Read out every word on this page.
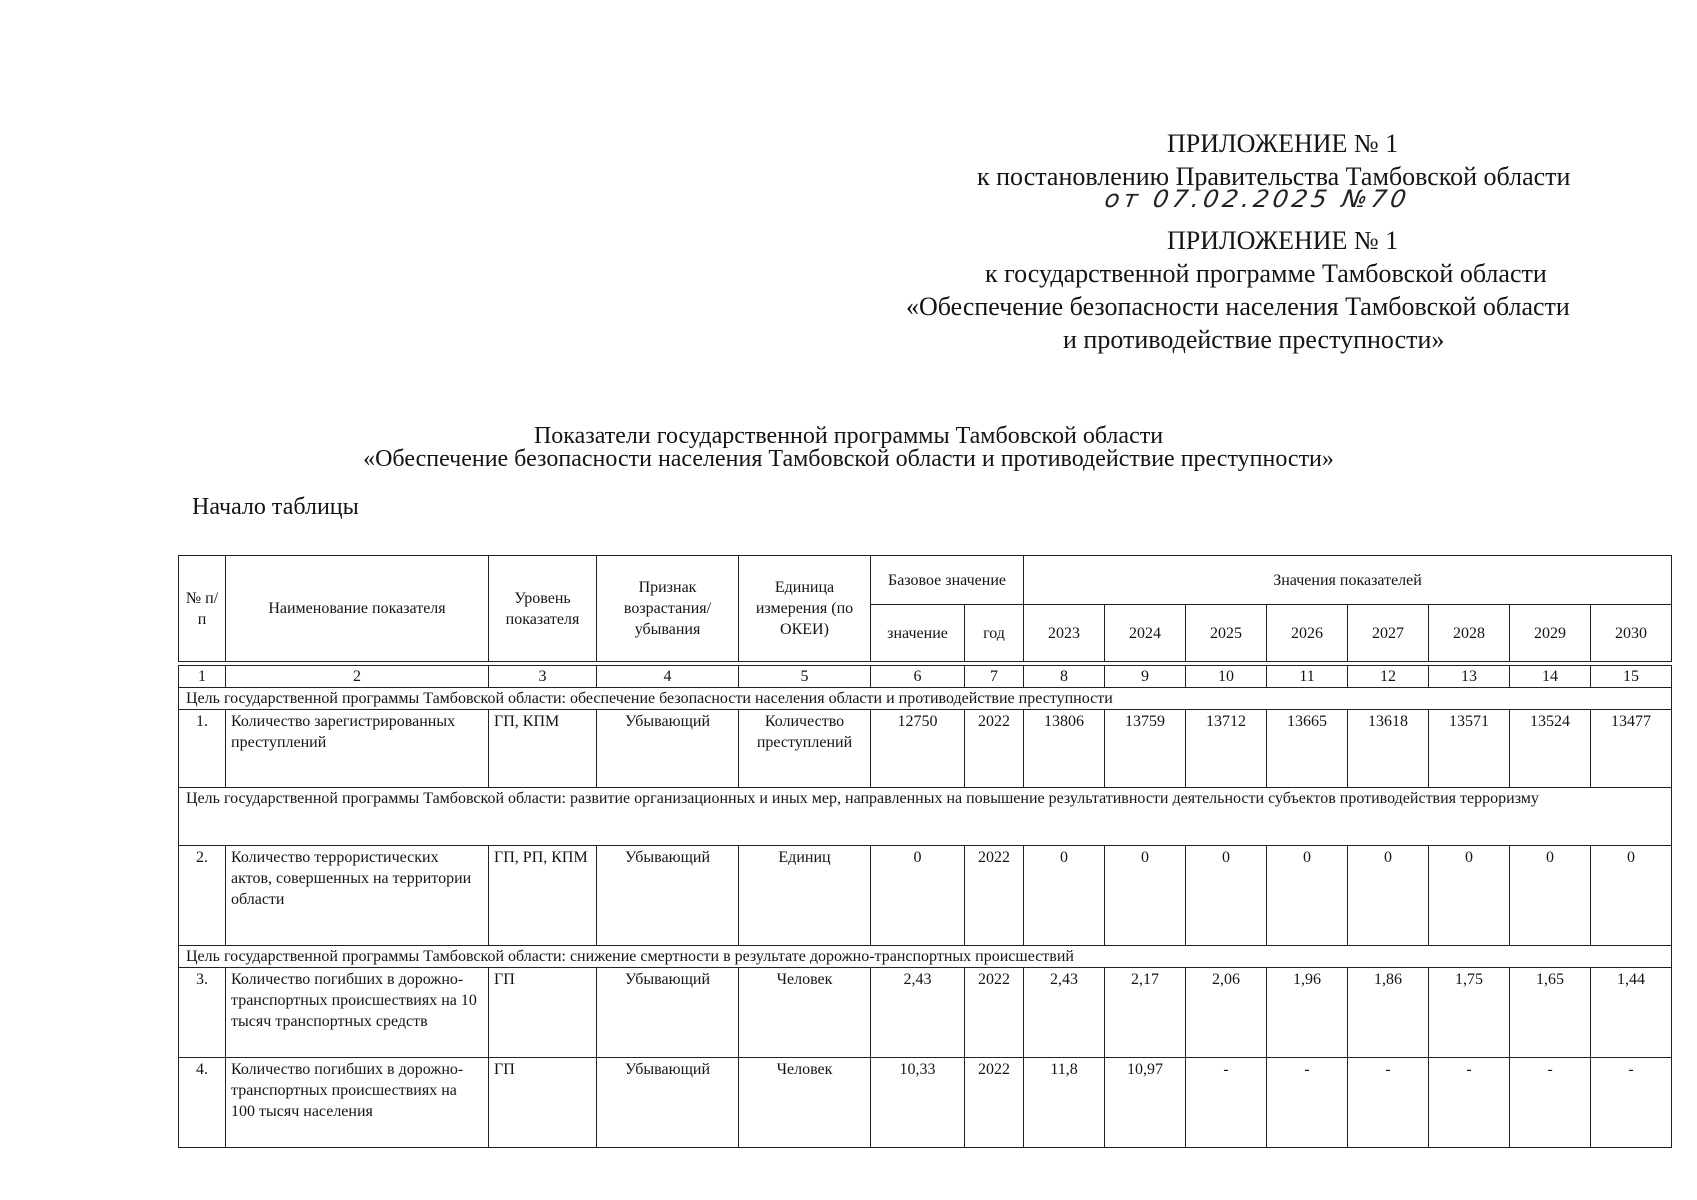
ПРИЛОЖЕНИЕ № 1
к постановлению Правительства Тамбовской области
от 07.02.2025 №70
ПРИЛОЖЕНИЕ № 1
к государственной программе Тамбовской области
«Обеспечение безопасности населения Тамбовской области
и противодействие преступности»
Показатели государственной программы Тамбовской области
«Обеспечение безопасности населения Тамбовской области и противодействие преступности»
Начало таблицы
№ п/п	Наименование показателя	Уровень показателя	Признак возрастания/ убывания	Единица измерения (по ОКЕИ)	Базовое значение		Значения показателей							
					значение	год	2023	2024	2025	2026	2027	2028	2029	2030

1	2	3	4	5	6	7	8	9	10	11	12	13	14	15
Цель государственной программы Тамбовской области: обеспечение безопасности населения области и противодействие преступности														
1.	Количество зарегистрированных преступлений	ГП, КПМ	Убывающий	Количество преступлений	12750	2022	13806	13759	13712	13665	13618	13571	13524	13477
Цель государственной программы Тамбовской области: развитие организационных и иных мер, направленных на повышение результативности деятельности субъектов противодействия терроризму														
2.	Количество террористических актов, совершенных на территории области	ГП, РП, КПМ	Убывающий	Единиц	0	2022	0	0	0	0	0	0	0	0
Цель государственной программы Тамбовской области: снижение смертности в результате дорожно-транспортных происшествий														
3.	Количество погибших в дорожно-транспортных происшествиях на 10 тысяч транспортных средств	ГП	Убывающий	Человек	2,43	2022	2,43	2,17	2,06	1,96	1,86	1,75	1,65	1,44
4.	Количество погибших в дорожно-транспортных происшествиях на 100 тысяч населения	ГП	Убывающий	Человек	10,33	2022	11,8	10,97	-	-	-	-	-	-
